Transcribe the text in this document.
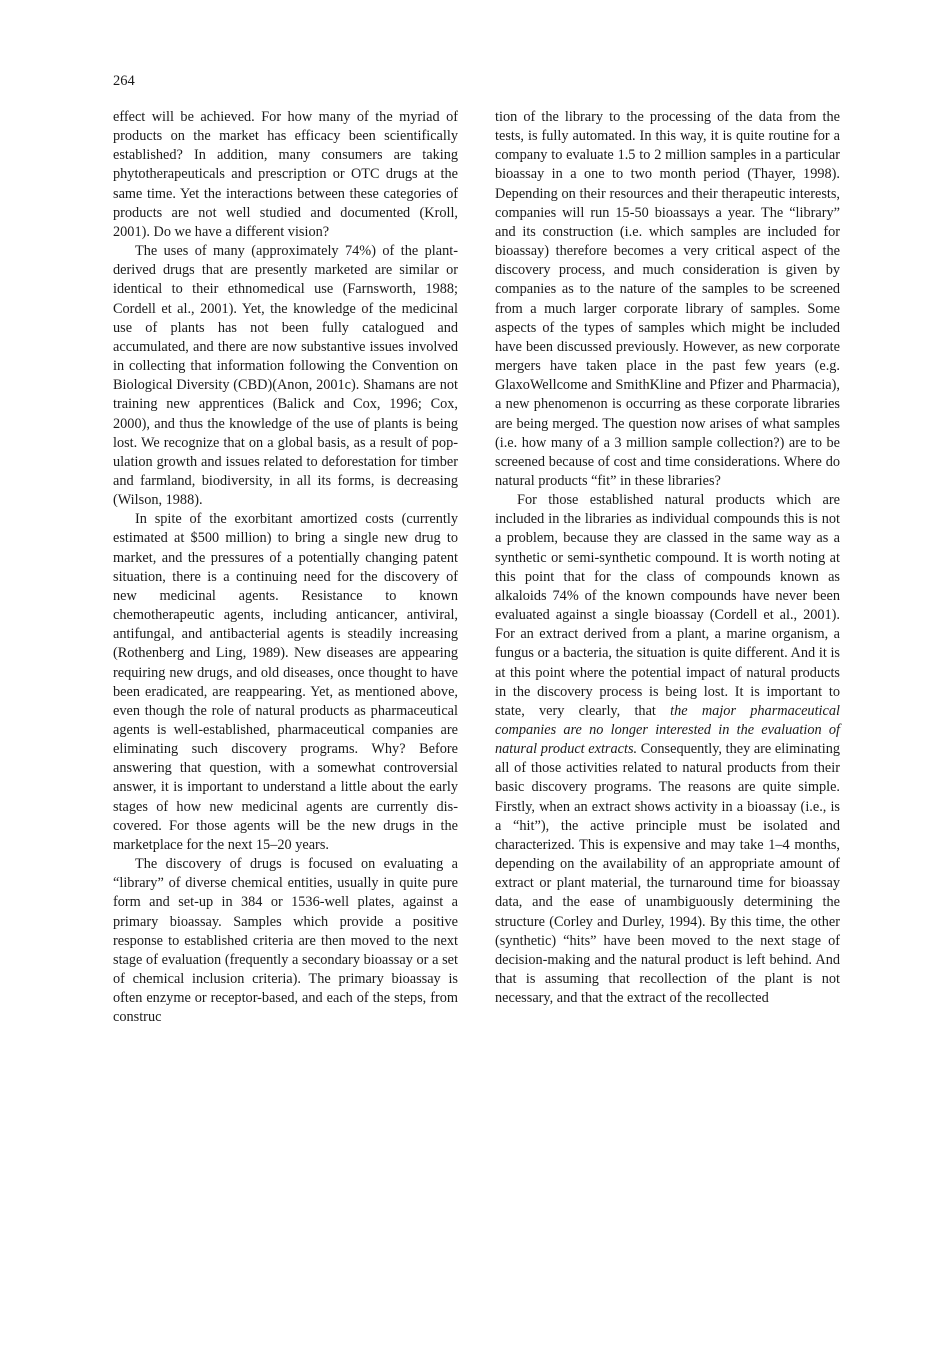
264

effect will be achieved. For how many of the myriad of products on the market has efficacy been scientifically established? In addition, many consumers are taking phytotherapeuticals and prescription or OTC drugs at the same time. Yet the interactions between these categories of products are not well studied and documented (Kroll, 2001). Do we have a different vision?

The uses of many (approximately 74%) of the plant-derived drugs that are presently marketed are similar or identical to their ethnomedical use (Farnsworth, 1988; Cordell et al., 2001). Yet, the knowledge of the medicinal use of plants has not been fully catalogued and accumulated, and there are now substantive issues involved in collecting that information following the Convention on Biological Diversity (CBD)(Anon, 2001c). Shamans are not training new apprentices (Balick and Cox, 1996; Cox, 2000), and thus the knowledge of the use of plants is being lost. We recognize that on a global basis, as a result of population growth and issues related to deforestation for timber and farmland, biodiversity, in all its forms, is decreasing (Wilson, 1988).

In spite of the exorbitant amortized costs (currently estimated at $500 million) to bring a single new drug to market, and the pressures of a potentially changing patent situation, there is a continuing need for the discovery of new medicinal agents. Resistance to known chemotherapeutic agents, including anticancer, antiviral, antifungal, and antibacterial agents is steadily increasing (Rothenberg and Ling, 1989). New diseases are appearing requiring new drugs, and old diseases, once thought to have been eradicated, are reappearing. Yet, as mentioned above, even though the role of natural products as pharmaceutical agents is well-established, pharmaceutical companies are eliminating such discovery programs. Why? Before answering that question, with a somewhat controversial answer, it is important to understand a little about the early stages of how new medicinal agents are currently discovered. For those agents will be the new drugs in the marketplace for the next 15–20 years.

The discovery of drugs is focused on evaluating a “library” of diverse chemical entities, usually in quite pure form and set-up in 384 or 1536-well plates, against a primary bioassay. Samples which provide a positive response to established criteria are then moved to the next stage of evaluation (frequently a secondary bioassay or a set of chemical inclusion criteria). The primary bioassay is often enzyme or receptor-based, and each of the steps, from construc

tion of the library to the processing of the data from the tests, is fully automated. In this way, it is quite routine for a company to evaluate 1.5 to 2 million samples in a particular bioassay in a one to two month period (Thayer, 1998). Depending on their resources and their therapeutic interests, companies will run 15-50 bioassays a year. The “library” and its construction (i.e. which samples are included for bioassay) therefore becomes a very critical aspect of the discovery process, and much consideration is given by companies as to the nature of the samples to be screened from a much larger corporate library of samples. Some aspects of the types of samples which might be included have been discussed previously. However, as new corporate mergers have taken place in the past few years (e.g. GlaxoWellcome and SmithKline and Pfizer and Pharmacia), a new phenomenon is occurring as these corporate libraries are being merged. The question now arises of what samples (i.e. how many of a 3 million sample collection?) are to be screened because of cost and time considerations. Where do natural products “fit” in these libraries?

For those established natural products which are included in the libraries as individual compounds this is not a problem, because they are classed in the same way as a synthetic or semi-synthetic compound. It is worth noting at this point that for the class of compounds known as alkaloids 74% of the known compounds have never been evaluated against a single bioassay (Cordell et al., 2001). For an extract derived from a plant, a marine organism, a fungus or a bacteria, the situation is quite different. And it is at this point where the potential impact of natural products in the discovery process is being lost. It is important to state, very clearly, that the major pharmaceutical companies are no longer interested in the evaluation of natural product extracts. Consequently, they are eliminating all of those activities related to natural products from their basic discovery programs. The reasons are quite simple. Firstly, when an extract shows activity in a bioassay (i.e., is a “hit”), the active principle must be isolated and characterized. This is expensive and may take 1–4 months, depending on the availability of an appropriate amount of extract or plant material, the turnaround time for bioassay data, and the ease of unambiguously determining the structure (Corley and Durley, 1994). By this time, the other (synthetic) “hits” have been moved to the next stage of decision-making and the natural product is left behind. And that is assuming that recollection of the plant is not necessary, and that the extract of the recollected
